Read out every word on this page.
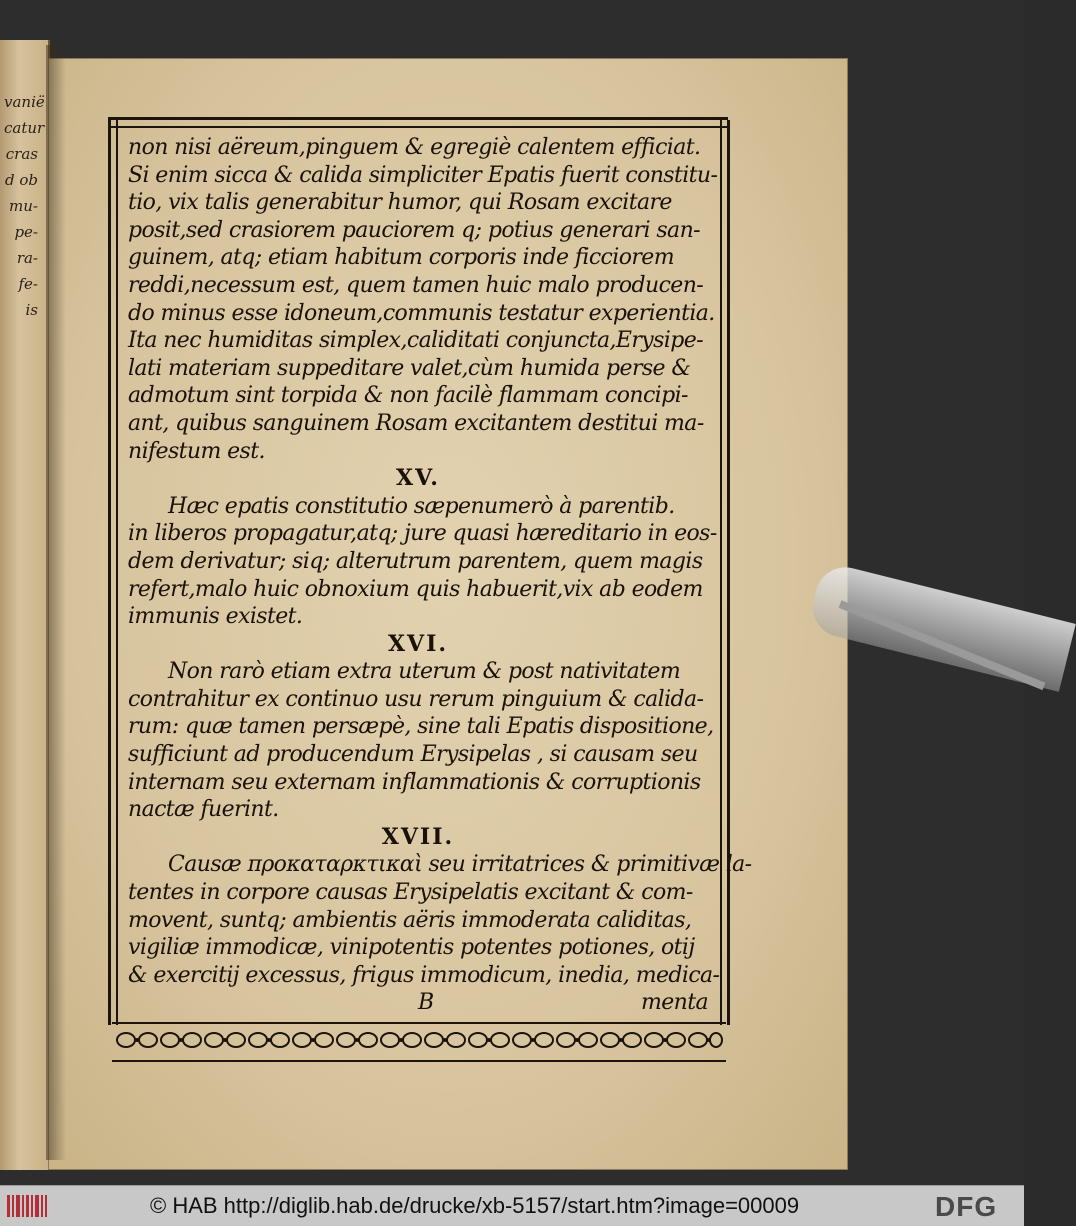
vanië
catur
cras
d ob
mu-
pe-
ra-
fe-
is
non nisi aëreum,pinguem & egregiè calentem efficiat.
Si enim sicca & calida simpliciter Epatis fuerit constitu-
tio, vix talis generabitur humor, qui Rosam excitare
posit,sed crasiorem pauciorem q; potius generari san-
guinem, atq; etiam habitum corporis inde ficciorem
reddi,necessum est, quem tamen huic malo producen-
do minus esse idoneum,communis testatur experientia.
Ita nec humiditas simplex,caliditati conjuncta,Erysipe-
lati materiam suppeditare valet,cùm humida perse &
admotum sint torpida & non facilè flammam concipi-
ant, quibus sanguinem Rosam excitantem destitui ma-
nifestum est.
XV.
Hæc epatis constitutio sæpenumerò à parentib.
in liberos propagatur,atq; jure quasi hæreditario in eos-
dem derivatur; siq; alterutrum parentem, quem magis
refert,malo huic obnoxium quis habuerit,vix ab eodem
immunis existet.
XVI.
Non rarò etiam extra uterum & post nativitatem
contrahitur ex continuo usu rerum pinguium & calida-
rum: quæ tamen persæpè, sine tali Epatis dispositione,
sufficiunt ad producendum Erysipelas , si causam seu
internam seu externam inflammationis & corruptionis
nactæ fuerint.
XVII.
Causæ προκαταρκτικαὶ seu irritatrices & primitivæ la-
tentes in corpore causas Erysipelatis excitant & com-
movent, suntq; ambientis aëris immoderata caliditas,
vigiliæ immodicæ, vinipotentis potentes potiones, otij
& exercitij excessus, frigus immodicum, inedia, medica-
B	menta
© HAB http://diglib.hab.de/drucke/xb-5157/start.htm?image=00009	DFG
